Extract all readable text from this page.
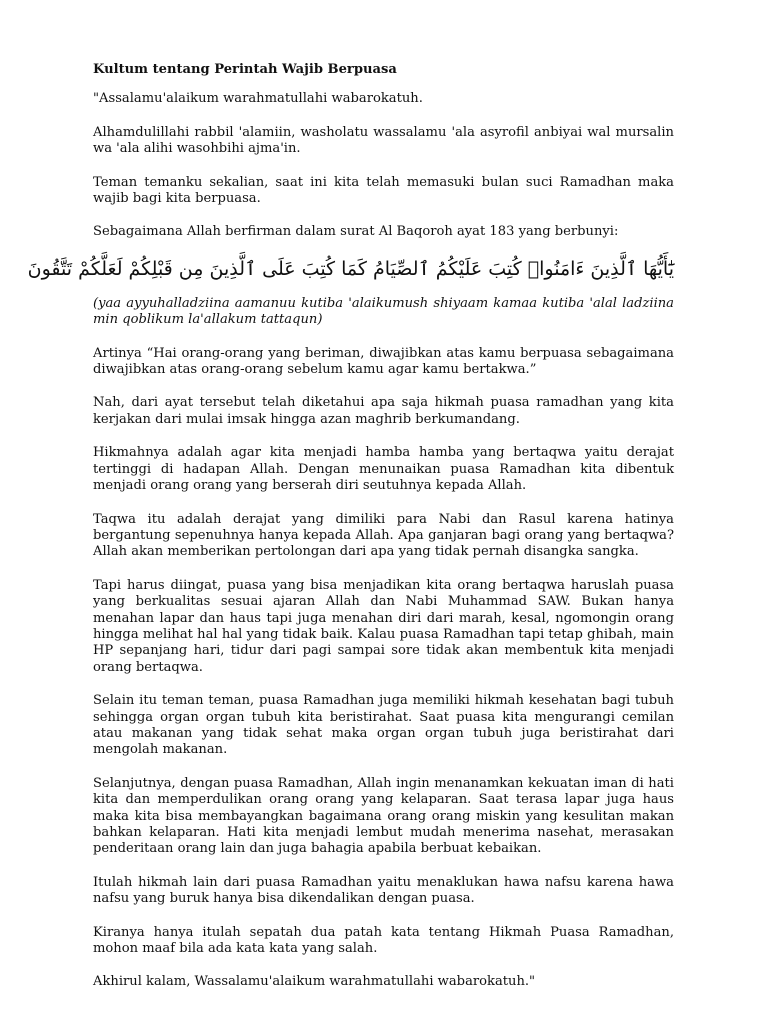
Kultum tentang Perintah Wajib Berpuasa

"Assalamu'alaikum warahmatullahi wabarokatuh.

Alhamdulillahi rabbil 'alamiin, washolatu wassalamu 'ala asyrofil anbiyai wal mursalin wa 'ala alihi wasohbihi ajma'in.

Teman temanku sekalian, saat ini kita telah memasuki bulan suci Ramadhan maka wajib bagi kita berpuasa.

Sebagaimana Allah berfirman dalam surat Al Baqoroh ayat 183 yang berbunyi:

يَٰٓأَيُّهَا ٱلَّذِينَ ءَامَنُوا۟ كُتِبَ عَلَيْكُمُ ٱلصِّيَامُ كَمَا كُتِبَ عَلَى ٱلَّذِينَ مِن قَبْلِكُمْ لَعَلَّكُمْ تَتَّقُونَ

(yaa ayyuhalladziina aamanuu kutiba 'alaikumush shiyaam kamaa kutiba 'alal ladziina min qoblikum la'allakum tattaqun)

Artinya “Hai orang-orang yang beriman, diwajibkan atas kamu berpuasa sebagaimana diwajibkan atas orang-orang sebelum kamu agar kamu bertakwa.”

Nah, dari ayat tersebut telah diketahui apa saja hikmah puasa ramadhan yang kita kerjakan dari mulai imsak hingga azan maghrib berkumandang.

Hikmahnya adalah agar kita menjadi hamba hamba yang bertaqwa yaitu derajat tertinggi di hadapan Allah. Dengan menunaikan puasa Ramadhan kita dibentuk menjadi orang orang yang berserah diri seutuhnya kepada Allah.

Taqwa itu adalah derajat yang dimiliki para Nabi dan Rasul karena hatinya bergantung sepenuhnya hanya kepada Allah. Apa ganjaran bagi orang yang bertaqwa? Allah akan memberikan pertolongan dari apa yang tidak pernah disangka sangka.

Tapi harus diingat, puasa yang bisa menjadikan kita orang bertaqwa haruslah puasa yang berkualitas sesuai ajaran Allah dan Nabi Muhammad SAW. Bukan hanya menahan lapar dan haus tapi juga menahan diri dari marah, kesal, ngomongin orang hingga melihat hal hal yang tidak baik. Kalau puasa Ramadhan tapi tetap ghibah, main HP sepanjang hari, tidur dari pagi sampai sore tidak akan membentuk kita menjadi orang bertaqwa.

Selain itu teman teman, puasa Ramadhan juga memiliki hikmah kesehatan bagi tubuh sehingga organ organ tubuh kita beristirahat. Saat puasa kita mengurangi cemilan atau makanan yang tidak sehat maka organ organ tubuh juga beristirahat dari mengolah makanan.

Selanjutnya, dengan puasa Ramadhan, Allah ingin menanamkan kekuatan iman di hati kita dan memperdulikan orang orang yang kelaparan. Saat terasa lapar juga haus maka kita bisa membayangkan bagaimana orang orang miskin yang kesulitan makan bahkan kelaparan. Hati kita menjadi lembut mudah menerima nasehat, merasakan penderitaan orang lain dan juga bahagia apabila berbuat kebaikan.

Itulah hikmah lain dari puasa Ramadhan yaitu menaklukan hawa nafsu karena hawa nafsu yang buruk hanya bisa dikendalikan dengan puasa.

Kiranya hanya itulah sepatah dua patah kata tentang Hikmah Puasa Ramadhan, mohon maaf bila ada kata kata yang salah.

Akhirul kalam, Wassalamu'alaikum warahmatullahi wabarokatuh."
